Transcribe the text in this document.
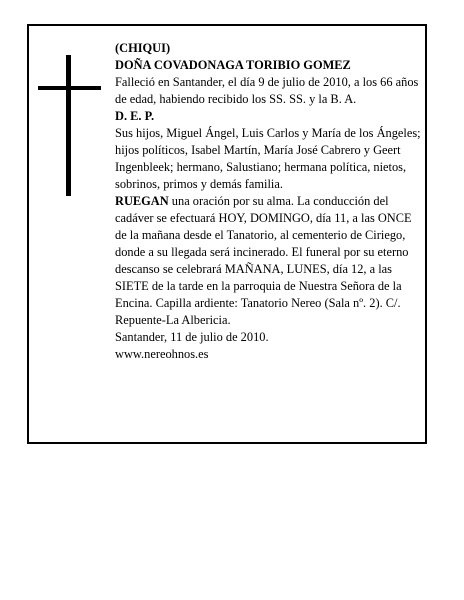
(CHIQUI)

DOÑA COVADONAGA TORIBIO GOMEZ

Falleció en Santander, el día 9 de julio de 2010, a los 66 años de edad, habiendo recibido los SS. SS. y la B. A.

D. E. P.

Sus hijos, Miguel Ángel, Luis Carlos y María de los Ángeles; hijos políticos, Isabel Martín, María José Cabrero y Geert Ingenbleek; hermano, Salustiano; hermana política, nietos, sobrinos, primos y demás familia.

RUEGAN una oración por su alma. La conducción del cadáver se efectuará HOY, DOMINGO, día 11, a las ONCE de la mañana desde el Tanatorio, al cementerio de Ciriego, donde a su llegada será incinerado. El funeral por su eterno descanso se celebrará MAÑANA, LUNES, día 12, a las SIETE de la tarde en la parroquia de Nuestra Señora de la Encina. Capilla ardiente: Tanatorio Nereo (Sala nº. 2). C/. Repuente-La Albericia.

Santander, 11 de julio de 2010.

www.nereohnos.es
